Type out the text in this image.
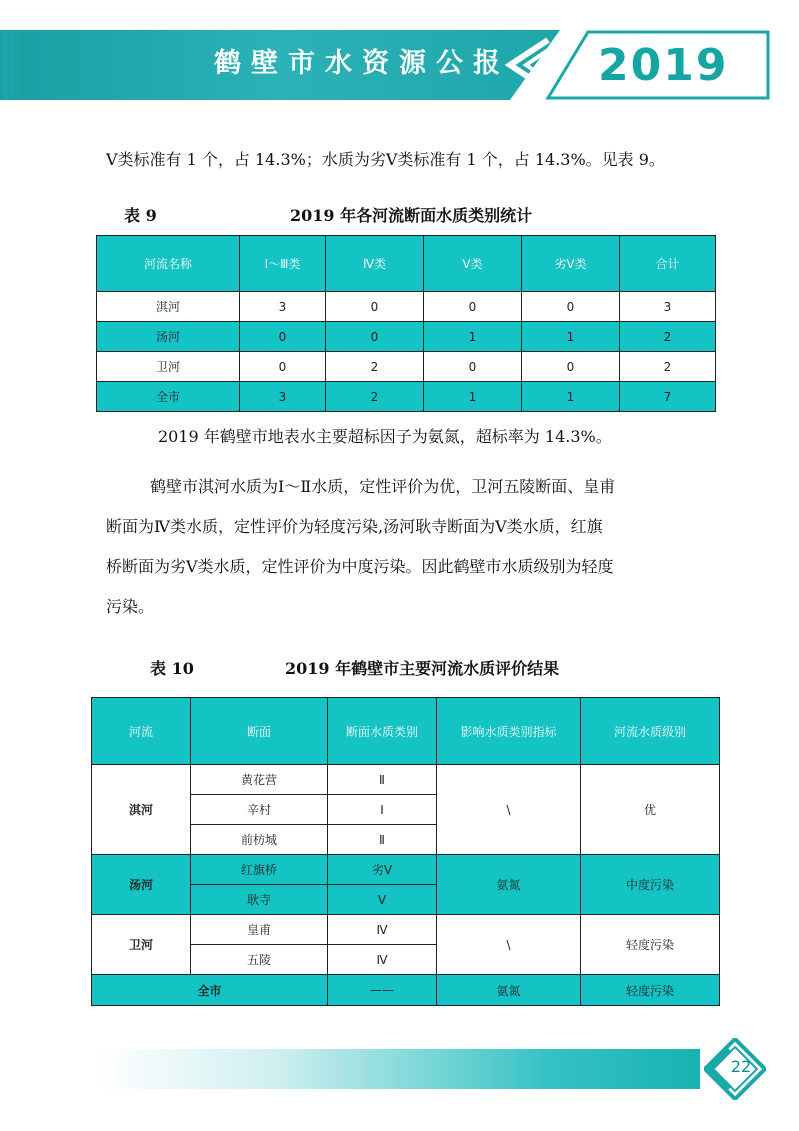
鹤壁市水资源公报 2019

Ⅴ类标准有 1 个，占 14.3%；水质为劣Ⅴ类标准有 1 个，占 14.3%。见表 9。

表 9	2019 年各河流断面水质类别统计

河流名称	Ⅰ～Ⅲ类	Ⅳ类	Ⅴ类	劣Ⅴ类	合计
淇河	3	0	0	0	3
汤河	0	0	1	1	2
卫河	0	2	0	0	2
全市	3	2	1	1	7

2019 年鹤壁市地表水主要超标因子为氨氮，超标率为 14.3%。

鹤壁市淇河水质为Ⅰ～Ⅱ水质，定性评价为优，卫河五陵断面、皇甫

断面为Ⅳ类水质，定性评价为轻度污染,汤河耿寺断面为Ⅴ类水质，红旗

桥断面为劣Ⅴ类水质，定性评价为中度污染。因此鹤壁市水质级别为轻度

污染。

表 10	2019 年鹤壁市主要河流水质评价结果

河流	断面	断面水质类别	影响水质类别指标	河流水质级别
淇河	黄花营	Ⅱ	\	优
	辛村	Ⅰ		
	前枋城	Ⅱ		
汤河	红旗桥	劣Ⅴ	氨氮	中度污染
	耿寺	Ⅴ		
卫河	皇甫	Ⅳ	\	轻度污染
	五陵	Ⅳ		
全市		——	氨氮	轻度污染
22
